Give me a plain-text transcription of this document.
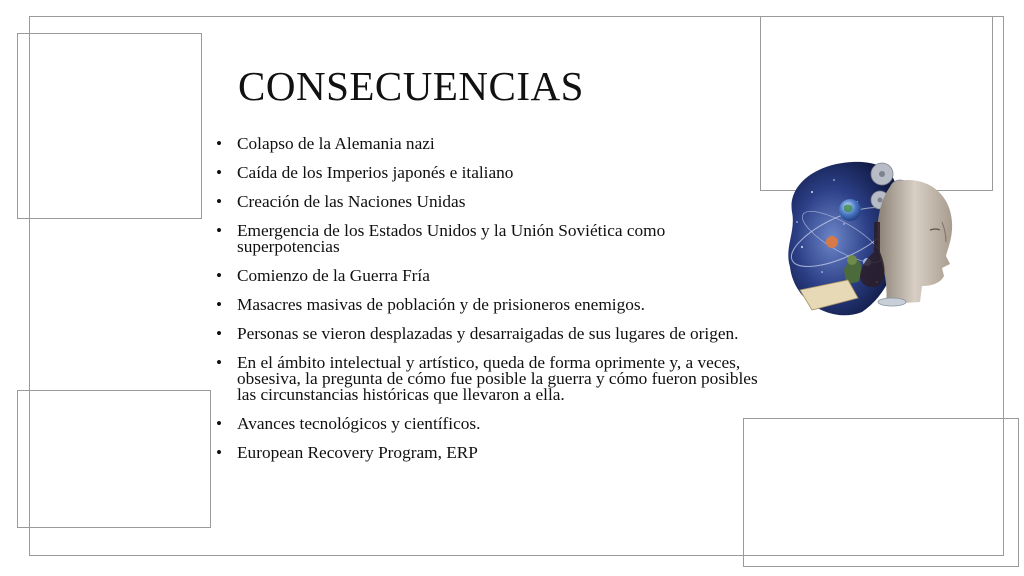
CONSECUENCIAS
• Colapso de la Alemania nazi
• Caída de los Imperios japonés e italiano
• Creación de las Naciones Unidas
• Emergencia de los Estados Unidos y la Unión Soviética como superpotencias
• Comienzo de la Guerra Fría
• Masacres masivas de población y de prisioneros enemigos.
• Personas se vieron desplazadas y desarraigadas de sus lugares de origen.
• En el ámbito intelectual y artístico, queda de forma oprimente y, a veces, obsesiva, la pregunta de cómo fue posible la guerra y cómo fueron posibles las circunstancias históricas que llevaron a ella.
• Avances tecnológicos y científicos.
• European Recovery Program, ERP
